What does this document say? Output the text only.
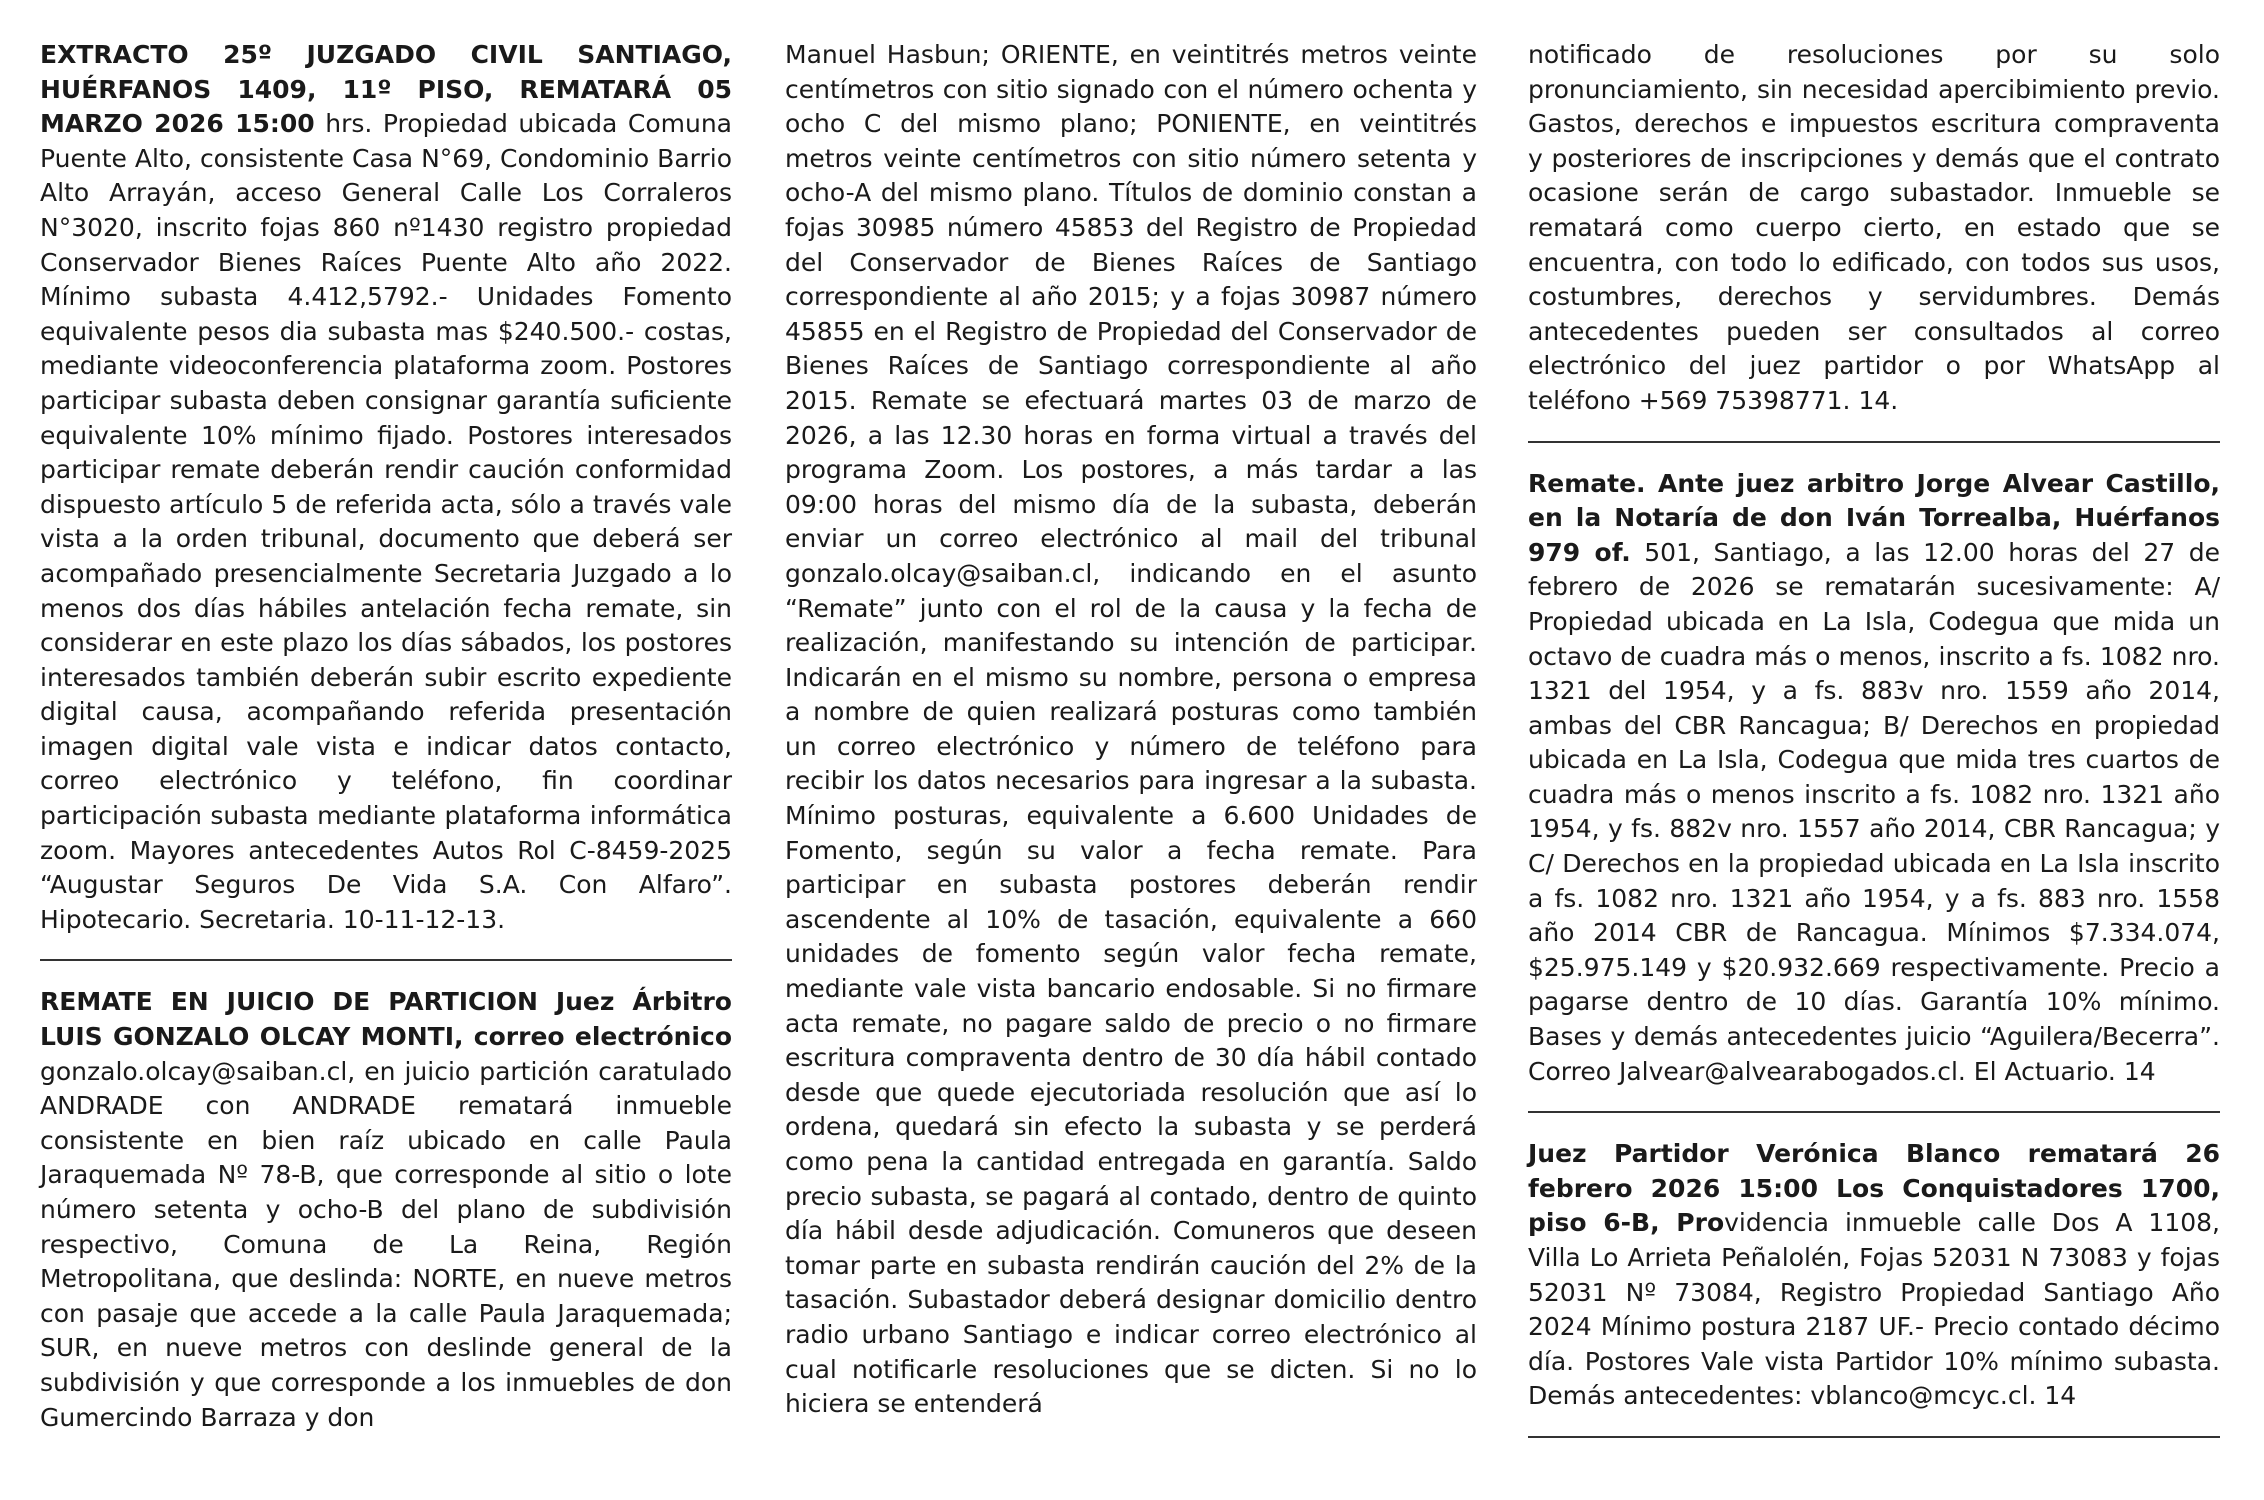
EXTRACTO 25º JUZGADO CIVIL SANTIAGO, HUÉRFANOS 1409, 11º PISO, REMATARÁ 05 MARZO 2026 15:00 hrs. Propiedad ubicada Comuna Puente Alto, consistente Casa N°69, Condominio Barrio Alto Arrayán, acceso General Calle Los Corraleros N°3020, inscrito fojas 860 nº1430 registro propiedad Conservador Bienes Raíces Puente Alto año 2022. Mínimo subasta 4.412,5792.- Unidades Fomento equivalente pesos dia subasta mas $240.500.- costas, mediante videoconferencia plataforma zoom. Postores participar subasta deben consignar garantía suficiente equivalente 10% mínimo fijado. Postores interesados participar remate deberán rendir caución conformidad dispuesto artículo 5 de referida acta, sólo a través vale vista a la orden tribunal, documento que deberá ser acompañado presencialmente Secretaria Juzgado a lo menos dos días hábiles antelación fecha remate, sin considerar en este plazo los días sábados, los postores interesados también deberán subir escrito expediente digital causa, acompañando referida presentación imagen digital vale vista e indicar datos contacto, correo electrónico y teléfono, fin coordinar participación subasta mediante plataforma informática zoom. Mayores antecedentes Autos Rol C-8459-2025 “Augustar Seguros De Vida S.A. Con Alfaro”. Hipotecario. Secretaria. 10-11-12-13.

REMATE EN JUICIO DE PARTICION Juez Árbitro LUIS GONZALO OLCAY MONTI, correo electrónico gonzalo.olcay@saiban.cl, en juicio partición caratulado ANDRADE con ANDRADE rematará inmueble consistente en bien raíz ubicado en calle Paula Jaraquemada Nº 78-B, que corresponde al sitio o lote número setenta y ocho-B del plano de subdivisión respectivo, Comuna de La Reina, Región Metropolitana, que deslinda: NORTE, en nueve metros con pasaje que accede a la calle Paula Jaraquemada; SUR, en nueve metros con deslinde general de la subdivisión y que corresponde a los inmuebles de don Gumercindo Barraza y don

Manuel Hasbun; ORIENTE, en veintitrés metros veinte centímetros con sitio signado con el número ochenta y ocho C del mismo plano; PONIENTE, en veintitrés metros veinte centímetros con sitio número setenta y ocho-A del mismo plano. Títulos de dominio constan a fojas 30985 número 45853 del Registro de Propiedad del Conservador de Bienes Raíces de Santiago correspondiente al año 2015; y a fojas 30987 número 45855 en el Registro de Propiedad del Conservador de Bienes Raíces de Santiago correspondiente al año 2015. Remate se efectuará martes 03 de marzo de 2026, a las 12.30 horas en forma virtual a través del programa Zoom. Los postores, a más tardar a las 09:00 horas del mismo día de la subasta, deberán enviar un correo electrónico al mail del tribunal gonzalo.olcay@saiban.cl, indicando en el asunto “Remate” junto con el rol de la causa y la fecha de realización, manifestando su intención de participar. Indicarán en el mismo su nombre, persona o empresa a nombre de quien realizará posturas como también un correo electrónico y número de teléfono para recibir los datos necesarios para ingresar a la subasta. Mínimo posturas, equivalente a 6.600 Unidades de Fomento, según su valor a fecha remate. Para participar en subasta postores deberán rendir ascendente al 10% de tasación, equivalente a 660 unidades de fomento según valor fecha remate, mediante vale vista bancario endosable. Si no firmare acta remate, no pagare saldo de precio o no firmare escritura compraventa dentro de 30 día hábil contado desde que quede ejecutoriada resolución que así lo ordena, quedará sin efecto la subasta y se perderá como pena la cantidad entregada en garantía. Saldo precio subasta, se pagará al contado, dentro de quinto día hábil desde adjudicación. Comuneros que deseen tomar parte en subasta rendirán caución del 2% de la tasación. Subastador deberá designar domicilio dentro radio urbano Santiago e indicar correo electrónico al cual notificarle resoluciones que se dicten. Si no lo hiciera se entenderá

notificado de resoluciones por su solo pronunciamiento, sin necesidad apercibimiento previo. Gastos, derechos e impuestos escritura compraventa y posteriores de inscripciones y demás que el contrato ocasione serán de cargo subastador. Inmueble se rematará como cuerpo cierto, en estado que se encuentra, con todo lo edificado, con todos sus usos, costumbres, derechos y servidumbres. Demás antecedentes pueden ser consultados al correo electrónico del juez partidor o por WhatsApp al teléfono +569 75398771. 14.

Remate. Ante juez arbitro Jorge Alvear Castillo, en la Notaría de don Iván Torrealba, Huérfanos 979 of. 501, Santiago, a las 12.00 horas del 27 de febrero de 2026 se rematarán sucesivamente: A/ Propiedad ubicada en La Isla, Codegua que mida un octavo de cuadra más o menos, inscrito a fs. 1082 nro. 1321 del 1954, y a fs. 883v nro. 1559 año 2014, ambas del CBR Rancagua; B/ Derechos en propiedad ubicada en La Isla, Codegua que mida tres cuartos de cuadra más o menos inscrito a fs. 1082 nro. 1321 año 1954, y fs. 882v nro. 1557 año 2014, CBR Rancagua; y C/ Derechos en la propiedad ubicada en La Isla inscrito a fs. 1082 nro. 1321 año 1954, y a fs. 883 nro. 1558 año 2014 CBR de Rancagua. Mínimos $7.334.074, $25.975.149 y $20.932.669 respectivamente. Precio a pagarse dentro de 10 días. Garantía 10% mínimo. Bases y demás antecedentes juicio “Aguilera/Becerra”. Correo Jalvear@alvearabogados.cl. El Actuario. 14

Juez Partidor Verónica Blanco rematará 26 febrero 2026 15:00 Los Conquistadores 1700, piso 6-B, Providencia inmueble calle Dos A 1108, Villa Lo Arrieta Peñalolén, Fojas 52031 N 73083 y fojas 52031 Nº 73084, Registro Propiedad Santiago Año 2024 Mínimo postura 2187 UF.- Precio contado décimo día. Postores Vale vista Partidor 10% mínimo subasta. Demás antecedentes: vblanco@mcyc.cl. 14
